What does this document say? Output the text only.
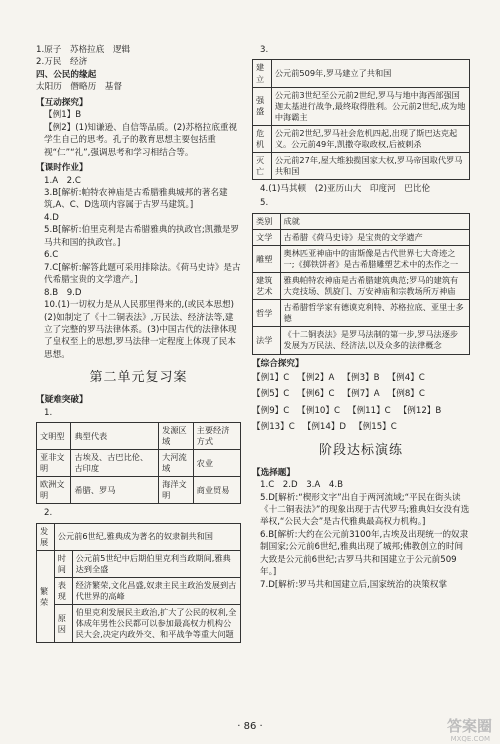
1.原子　苏格拉底　逻辑

2.万民　经济

四、公民的缘起

太阳历　僭略历　基督

【互动探究】

【例1】B

【例2】(1)知谦逊、自信等品质。(2)苏格拉底重视学生自己的思考。孔子的教育思想主要包括重视“仁”“礼”,强调思考和学习相结合等。

【课时作业】

1.A　2.C

3.B[解析:帕特农神庙是古希腊雅典城邦的著名建筑,A、C、D选项内容属于古罗马建筑。]

4.D

5.B[解析:伯里克利是古希腊雅典的执政官;凯撒是罗马共和国的执政官。]

6.C

7.C[解析:解答此题可采用排除法。《荷马史诗》是古代希腊宝贵的文学遗产。]

8.B　9.D

10.(1)一切权力是从人民那里得来的,(或民本思想)(2)如制定了《十二铜表法》,万民法、经济法等,建立了完整的罗马法律体系。(3)中国古代的法律体现了皇权至上的思想,罗马法律一定程度上体现了民本思想。

第二单元复习案

【疑难突破】

1.

文明型	典型代表	发源区域	主要经济方式
亚非文明	古埃及、古巴比伦、古印度	大河流域	农业
欧洲文明	希腊、罗马	海洋文明	商业贸易

2.

发展	公元前6世纪,雅典成为著名的奴隶制共和国	
繁荣	时间	公元前5世纪中后期伯里克利当政期间,雅典达到全盛
	表现	经济繁荣,文化昌盛,奴隶主民主政治发展到古代世界的高峰
	原因	伯里克利发展民主政治,扩大了公民的权利,全体成年男性公民都可以参加最高权力机构公民大会,决定内政外交、和平战争等重大问题

3.

建立	公元前509年,罗马建立了共和国
强盛	公元前3世纪至公元前2世纪,罗马与地中海西部强国迦太基进行战争,最终取得胜利。公元前2世纪,成为地中海霸主
危机	公元前2世纪,罗马社会危机四起,出现了斯巴达克起义。公元前49年,凯撒夺取政权,后被刺杀
灭亡	公元前27年,屋大维独揽国家大权,罗马帝国取代罗马共和国

4.(1)马其顿　(2)亚历山大　印度河　巴比伦

5.

类别	成就
文学	古希腊《荷马史诗》是宝贵的文学遗产
雕塑	奥林匹亚神庙中的宙斯像是古代世界七大奇迹之一;《掷铁饼者》是古希腊雕塑艺术中的杰作之一
建筑艺术	雅典帕特农神庙是古希腊建筑典范;罗马的建筑有大竞技场、凯旋门、万安神庙和宗教场所万神庙
哲学	古希腊哲学家有德谟克利特、苏格拉底、亚里士多德
法学	《十二铜表法》是罗马法制的第一步,罗马法逐步发展为万民法、经济法,以及众多的法律概念

【综合探究】

【例1】C 【例2】A 【例3】B 【例4】C
【例5】C 【例6】C 【例7】A 【例8】C
【例9】C 【例10】C 【例11】C 【例12】B
【例13】C 【例14】D 【例15】C
阶段达标演练

【选择题】

1.C　2.D　3.A　4.B

5.D[解析:“楔形文字”出自于两河流域;“平民在街头读《十二铜表法》”的现象出现于古代罗马;雅典妇女没有选举权,“公民大会”是古代雅典最高权力机构。]

6.B[解析:大约在公元前3100年,古埃及出现统一的奴隶制国家;公元前6世纪,雅典出现了城邦;佛教创立的时间大致是公元前6世纪;古罗马共和国建立于公元前509年。]

7.D[解析:罗马共和国建立后,国家统治的决策权掌

· 86 ·	答案圈
MXQE.COM
